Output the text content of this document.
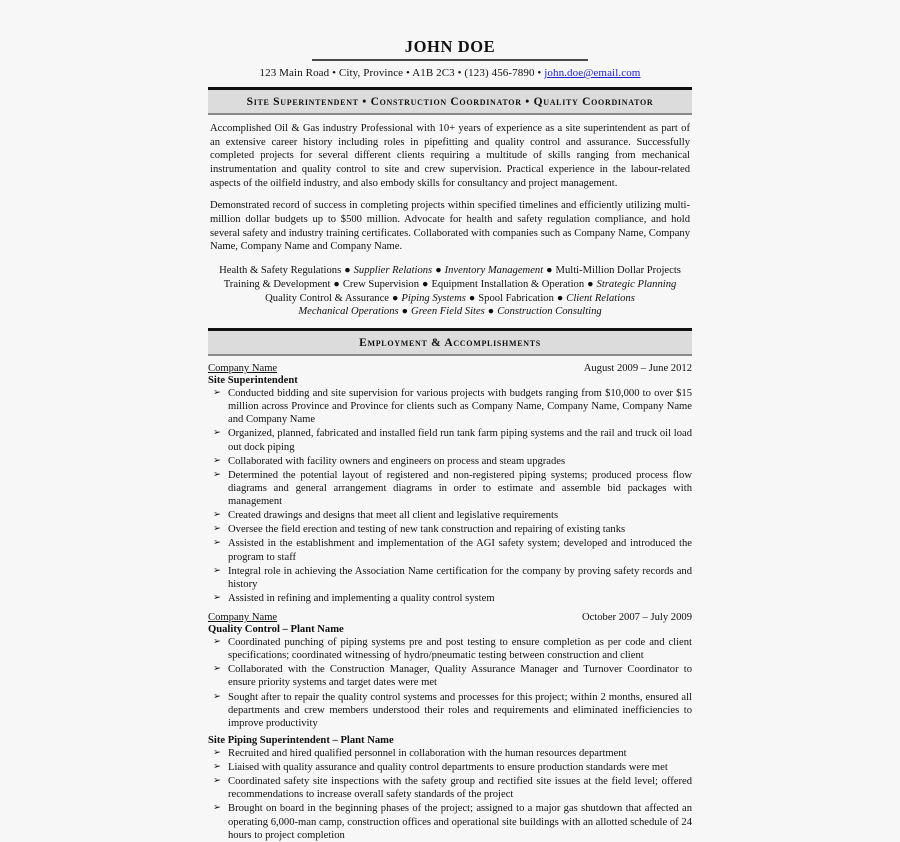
JOHN DOE
123 Main Road • City, Province • A1B 2C3 • (123) 456-7890 • john.doe@email.com
Site Superintendent • Construction Coordinator • Quality Coordinator
Accomplished Oil & Gas industry Professional with 10+ years of experience as a site superintendent as part of an extensive career history including roles in pipefitting and quality control and assurance. Successfully completed projects for several different clients requiring a multitude of skills ranging from mechanical instrumentation and quality control to site and crew supervision. Practical experience in the labour-related aspects of the oilfield industry, and also embody skills for consultancy and project management.
Demonstrated record of success in completing projects within specified timelines and efficiently utilizing multi-million dollar budgets up to $500 million. Advocate for health and safety regulation compliance, and hold several safety and industry training certificates. Collaborated with companies such as Company Name, Company Name, Company Name and Company Name.
Health & Safety Regulations ● Supplier Relations ● Inventory Management ● Multi-Million Dollar Projects
Training & Development ● Crew Supervision ● Equipment Installation & Operation ● Strategic Planning
Quality Control & Assurance ● Piping Systems ● Spool Fabrication ● Client Relations
Mechanical Operations ● Green Field Sites ● Construction Consulting
Employment & Accomplishments
Company Name	August 2009 – June 2012
Site Superintendent
➢ Conducted bidding and site supervision for various projects with budgets ranging from $10,000 to over $15 million across Province and Province for clients such as Company Name, Company Name, Company Name and Company Name
➢ Organized, planned, fabricated and installed field run tank farm piping systems and the rail and truck oil load out dock piping
➢ Collaborated with facility owners and engineers on process and steam upgrades
➢ Determined the potential layout of registered and non-registered piping systems; produced process flow diagrams and general arrangement diagrams in order to estimate and assemble bid packages with management
➢ Created drawings and designs that meet all client and legislative requirements
➢ Oversee the field erection and testing of new tank construction and repairing of existing tanks
➢ Assisted in the establishment and implementation of the AGI safety system; developed and introduced the program to staff
➢ Integral role in achieving the Association Name certification for the company by proving safety records and history
➢ Assisted in refining and implementing a quality control system
Company Name	October 2007 – July 2009
Quality Control – Plant Name
➢ Coordinated punching of piping systems pre and post testing to ensure completion as per code and client specifications; coordinated witnessing of hydro/pneumatic testing between construction and client
➢ Collaborated with the Construction Manager, Quality Assurance Manager and Turnover Coordinator to ensure priority systems and target dates were met
➢ Sought after to repair the quality control systems and processes for this project; within 2 months, ensured all departments and crew members understood their roles and requirements and eliminated inefficiencies to improve productivity
Site Piping Superintendent – Plant Name
➢ Recruited and hired qualified personnel in collaboration with the human resources department
➢ Liaised with quality assurance and quality control departments to ensure production standards were met
➢ Coordinated safety site inspections with the safety group and rectified site issues at the field level; offered recommendations to increase overall safety standards of the project
➢ Brought on board in the beginning phases of the project; assigned to a major gas shutdown that affected an operating 6,000-man camp, construction offices and operational site buildings with an allotted schedule of 24 hours to project completion
